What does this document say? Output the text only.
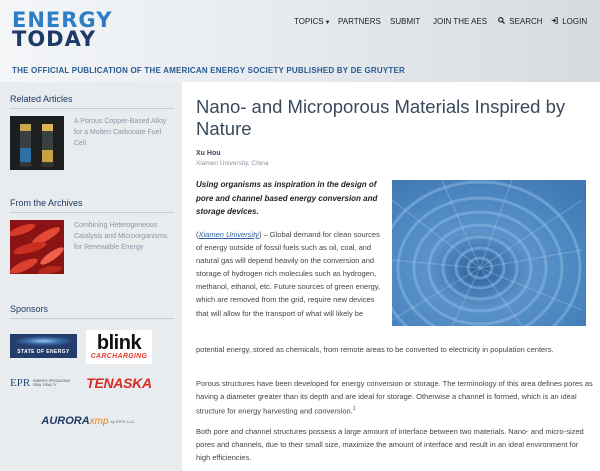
ENERGY
TODAY
THE OFFICIAL PUBLICATION OF THE AMERICAN ENERGY SOCIETY PUBLISHED BY DE GRUYTER
TOPICS▼ PARTNERS SUBMIT JOIN THE AES	SEARCH	LOGIN
Related Articles
A Porous Copper-Based Alloy for a Molten Carbonate Fuel Cell
From the Archives
Combining Heterogeneous Catalysis and Microorganisms for Renewable Energy
Sponsors
STATE OF ENERGY blink
CARCHARGING
EPR ENERGY PRODUCING REAL REALTY	TENASKA
AURORA xmp by EPIS, LLC
Nano- and Microporous Materials Inspired by Nature
Xu Hou
Xiamen University, China
Using organisms as inspiration in the design of pore and channel based energy conversion and storage devices.
(Xiamen University) – Global demand for clean sources of energy outside of fossil fuels such as oil, coal, and natural gas will depend heavily on the conversion and storage of hydrogen rich molecules such as hydrogen, methanol, ethanol, etc. Future sources of green energy, which are removed from the grid, require new devices that will allow for the transport of what will likely be
potential energy, stored as chemicals, from remote areas to be converted to electricity in population centers.
Porous structures have been developed for energy conversion or storage. The terminology of this area defines pores as having a diameter greater than its depth and are ideal for storage. Otherwise a channel is formed, which is an ideal structure for energy harvesting and conversion.$^1$
Both pore and channel structures possess a large amount of interface between two materials. Nano- and micro-sized pores and channels, due to their small size, maximize the amount of interface and result in an ideal environment for high efficiencies.
